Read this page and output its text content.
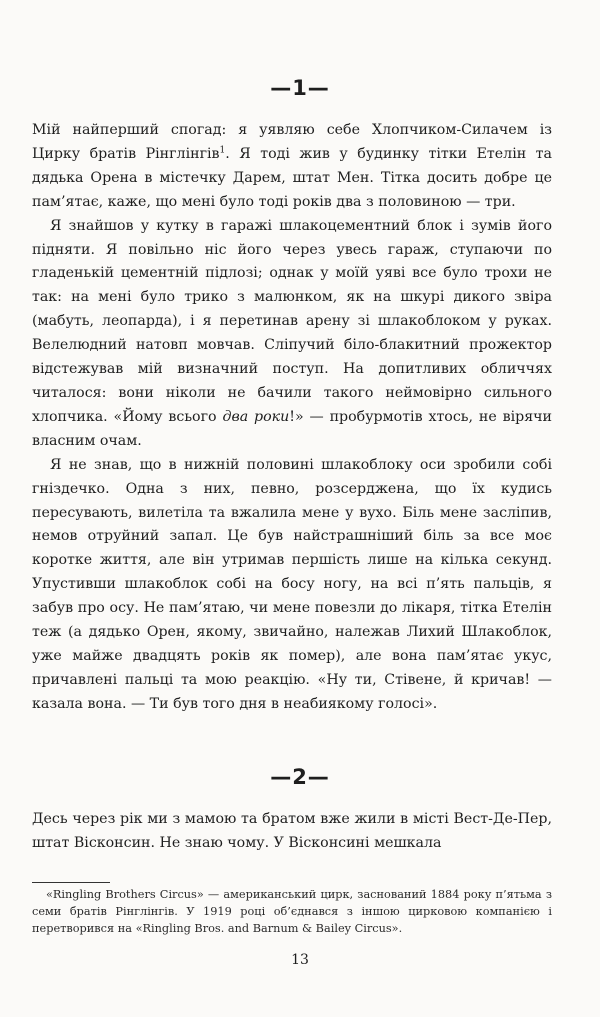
—1—

Мій найперший спогад: я уявляю себе Хлопчиком-Силачем із Цирку братів Рінглінгів$^1$. Я тоді жив у будинку тітки Етелін та дядька Орена в містечку Дарем, штат Мен. Тітка досить добре це пам’ятає, каже, що мені було тоді років два з половиною — три.

Я знайшов у кутку в гаражі шлакоцементний блок і зумів його підняти. Я повільно ніс його через увесь гараж, ступаючи по гладенькій цементній підлозі; однак у моїй уяві все було трохи не так: на мені було трико з малюнком, як на шкурі дикого звіра (мабуть, леопарда), і я перетинав арену зі шлакоблоком у руках. Велелюдний натовп мовчав. Сліпучий біло-блакитний прожектор відстежував мій визначний поступ. На допитливих обличчях читалося: вони ніколи не бачили такого неймовірно сильного хлопчика. «Йому всього два роки!» — пробурмотів хтось, не вірячи власним очам.

Я не знав, що в нижній половині шлакоблоку оси зробили собі гніздечко. Одна з них, певно, розсерджена, що їх кудись пересувають, вилетіла та вжалила мене у вухо. Біль мене засліпив, немов отруйний запал. Це був найстрашніший біль за все моє коротке життя, але він утримав першість лише на кілька секунд. Упустивши шлакоблок собі на босу ногу, на всі п’ять пальців, я забув про осу. Не пам’ятаю, чи мене повезли до лікаря, тітка Етелін теж (а дядько Орен, якому, звичайно, належав Лихий Шлакоблок, уже майже двадцять років як помер), але вона пам’ятає укус, причавлені пальці та мою реакцію. «Ну ти, Стівене, й кричав! — казала вона. — Ти був того дня в неабиякому голосі».

—2—

Десь через рік ми з мамою та братом вже жили в місті Вест-Де-Пер, штат Вісконсин. Не знаю чому. У Вісконсині мешкала

«Ringling Brothers Circus» — американський цирк, заснований 1884 року п’ятьма з семи братів Рінглінгів. У 1919 році об’єднався з іншою цирковою компанією і перетворився на «Ringling Bros. and Barnum & Bailey Circus».

13
